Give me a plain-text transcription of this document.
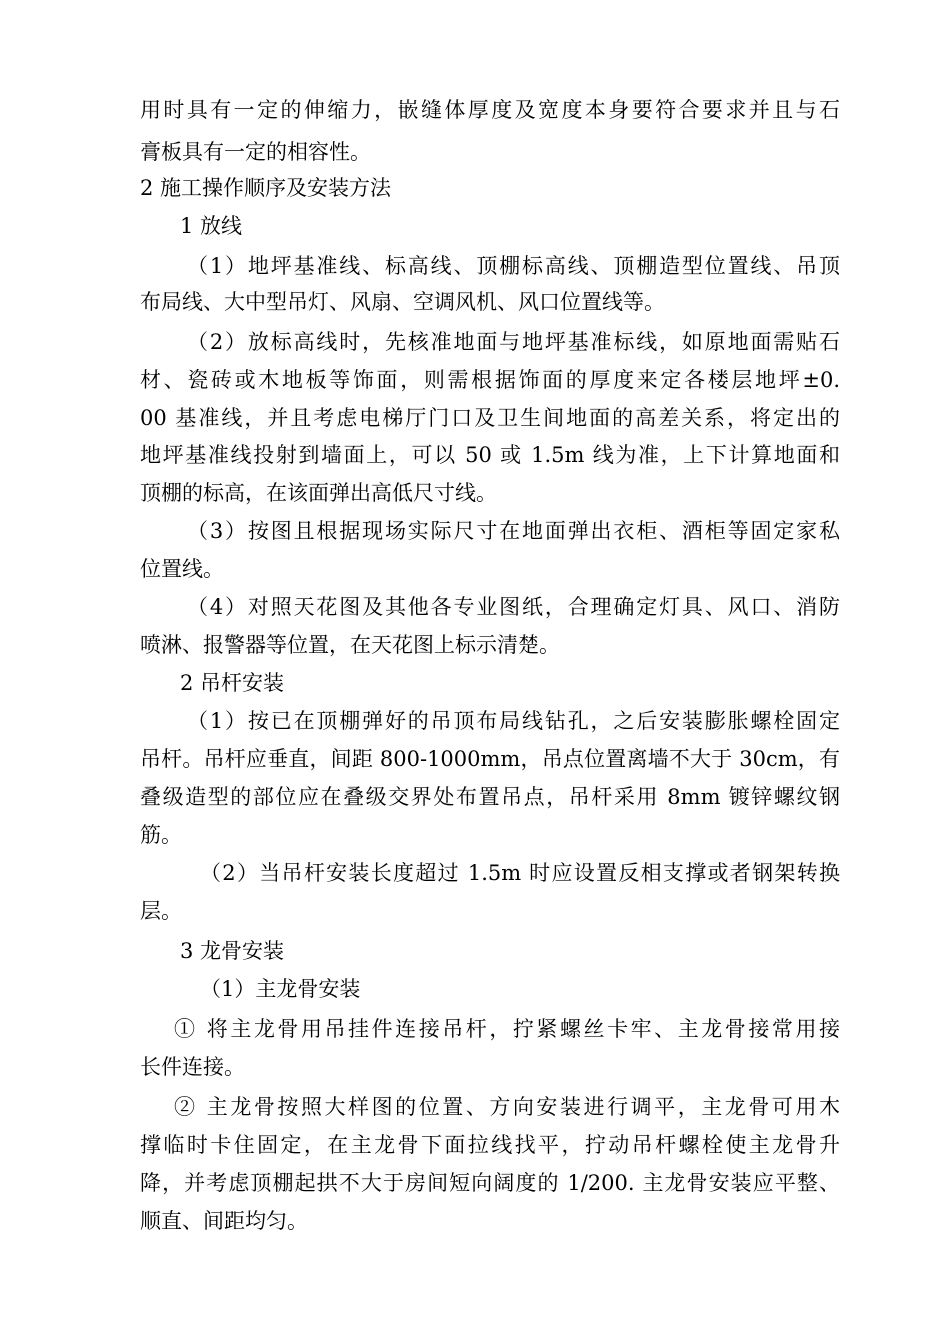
用时具有一定的伸缩力，嵌缝体厚度及宽度本身要符合要求并且与石
膏板具有一定的相容性。
2 施工操作顺序及安装方法
1 放线
（1）地坪基准线、标高线、顶棚标高线、顶棚造型位置线、吊顶
布局线、大中型吊灯、风扇、空调风机、风口位置线等。
（2）放标高线时，先核准地面与地坪基准标线，如原地面需贴石
材、瓷砖或木地板等饰面，则需根据饰面的厚度来定各楼层地坪±0.
00 基准线，并且考虑电梯厅门口及卫生间地面的高差关系，将定出的
地坪基准线投射到墙面上，可以 50 或 1.5m 线为准，上下计算地面和
顶棚的标高，在该面弹出高低尺寸线。
（3）按图且根据现场实际尺寸在地面弹出衣柜、酒柜等固定家私
位置线。
（4）对照天花图及其他各专业图纸，合理确定灯具、风口、消防
喷淋、报警器等位置，在天花图上标示清楚。
2 吊杆安装
（1）按已在顶棚弹好的吊顶布局线钻孔，之后安装膨胀螺栓固定
吊杆。吊杆应垂直，间距 800-1000mm，吊点位置离墙不大于 30cm，有
叠级造型的部位应在叠级交界处布置吊点，吊杆采用 8mm 镀锌螺纹钢
筋。
（2）当吊杆安装长度超过 1.5m 时应设置反相支撑或者钢架转换
层。
3 龙骨安装
（1）主龙骨安装
① 将主龙骨用吊挂件连接吊杆，拧紧螺丝卡牢、主龙骨接常用接
长件连接。
② 主龙骨按照大样图的位置、方向安装进行调平，主龙骨可用木
撑临时卡住固定，在主龙骨下面拉线找平，拧动吊杆螺栓使主龙骨升
降，并考虑顶棚起拱不大于房间短向阔度的 1/200. 主龙骨安装应平整、
顺直、间距均匀。
